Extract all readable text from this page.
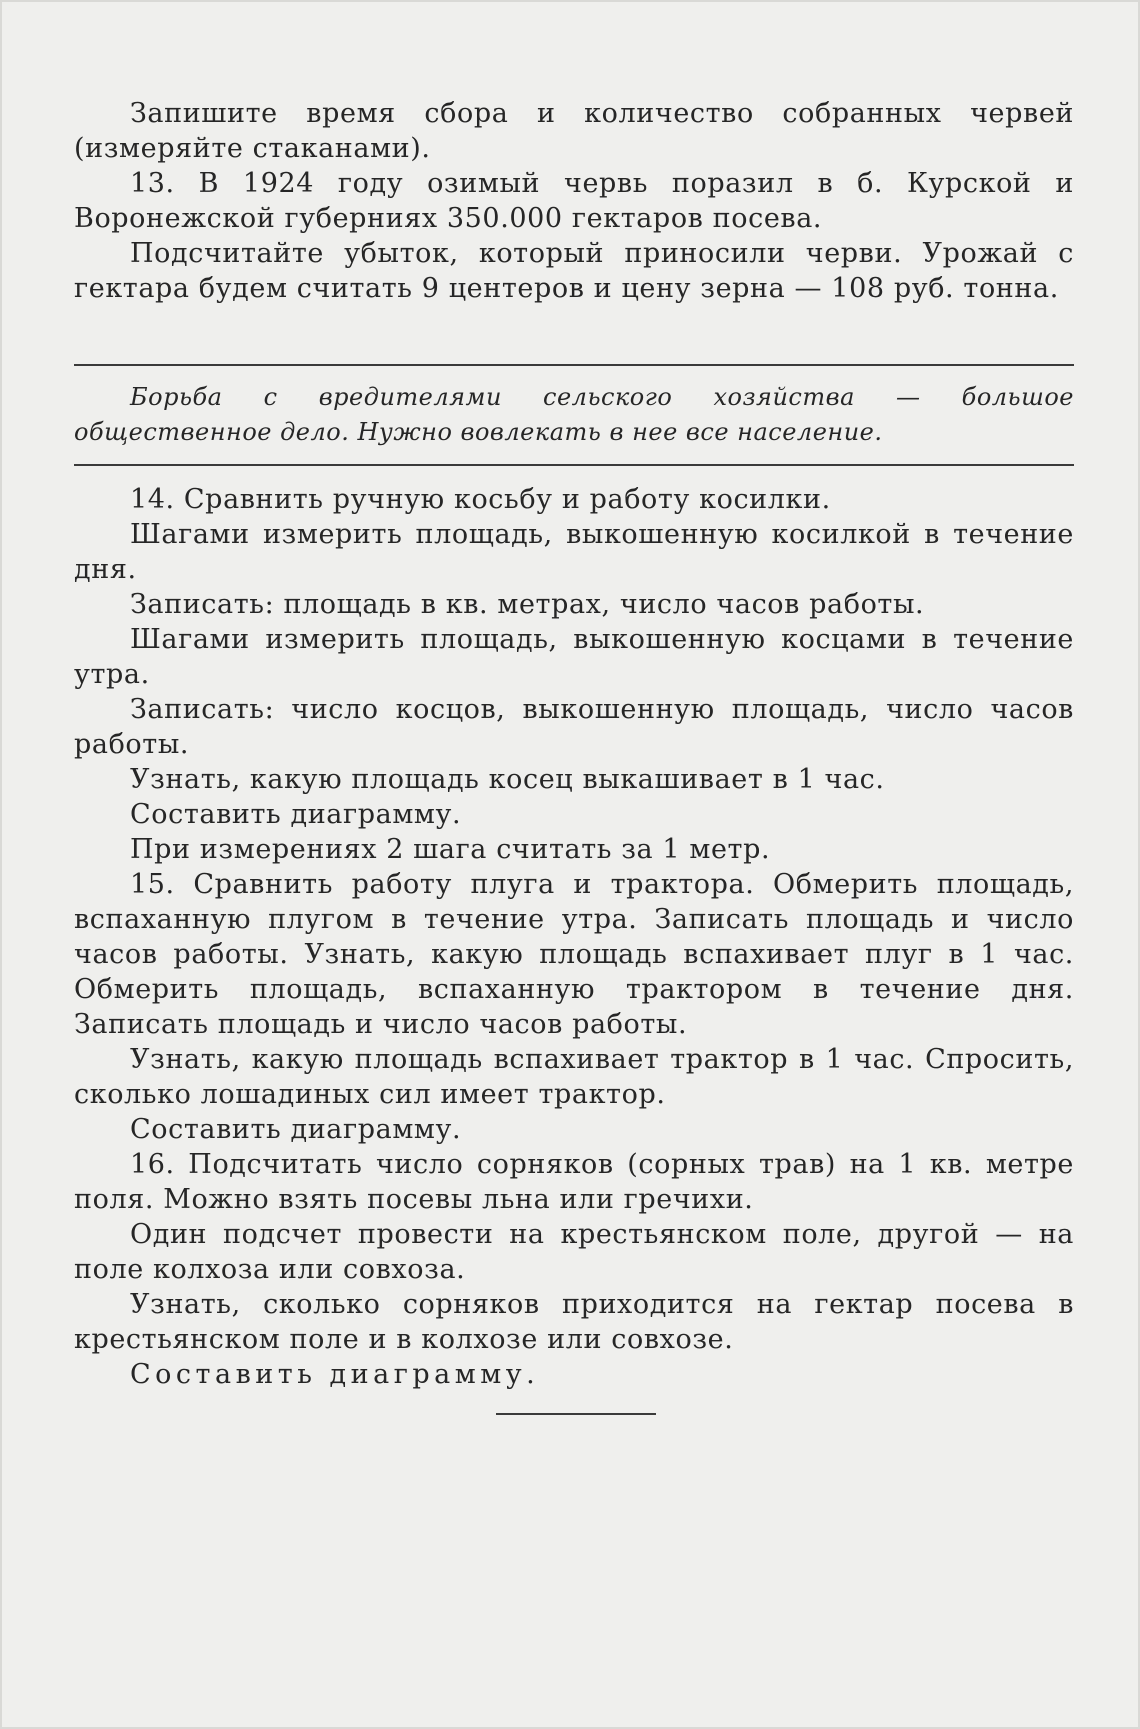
Запишите время сбора и количество собранных червей (измеряйте стаканами).

13. В 1924 году озимый червь поразил в б. Курской и Воронежской губерниях 350.000 гектаров посева.

Подсчитайте убыток, который приносили черви. Урожай с гектара будем считать 9 центеров и цену зерна — 108 руб. тонна.

Борьба с вредителями сельского хозяйства — большое общественное дело. Нужно вовлекать в нее все население.

14. Сравнить ручную косьбу и работу косилки.

Шагами измерить площадь, выкошенную косилкой в течение дня.

Записать: площадь в кв. метрах, число часов работы.

Шагами измерить площадь, выкошенную косцами в течение утра.

Записать: число косцов, выкошенную площадь, число часов работы.

Узнать, какую площадь косец выкашивает в 1 час.

Составить диаграмму.

При измерениях 2 шага считать за 1 метр.

15. Сравнить работу плуга и трактора. Обмерить площадь, вспаханную плугом в течение утра. Записать площадь и число часов работы. Узнать, какую площадь вспахивает плуг в 1 час. Обмерить площадь, вспаханную трактором в течение дня. Записать площадь и число часов работы.

Узнать, какую площадь вспахивает трактор в 1 час. Спросить, сколько лошадиных сил имеет трактор.

Составить диаграмму.

16. Подсчитать число сорняков (сорных трав) на 1 кв. метре поля. Можно взять посевы льна или гречихи.

Один подсчет провести на крестьянском поле, другой — на поле колхоза или совхоза.

Узнать, сколько сорняков приходится на гектар посева в крестьянском поле и в колхозе или совхозе.

Составить диаграмму.
